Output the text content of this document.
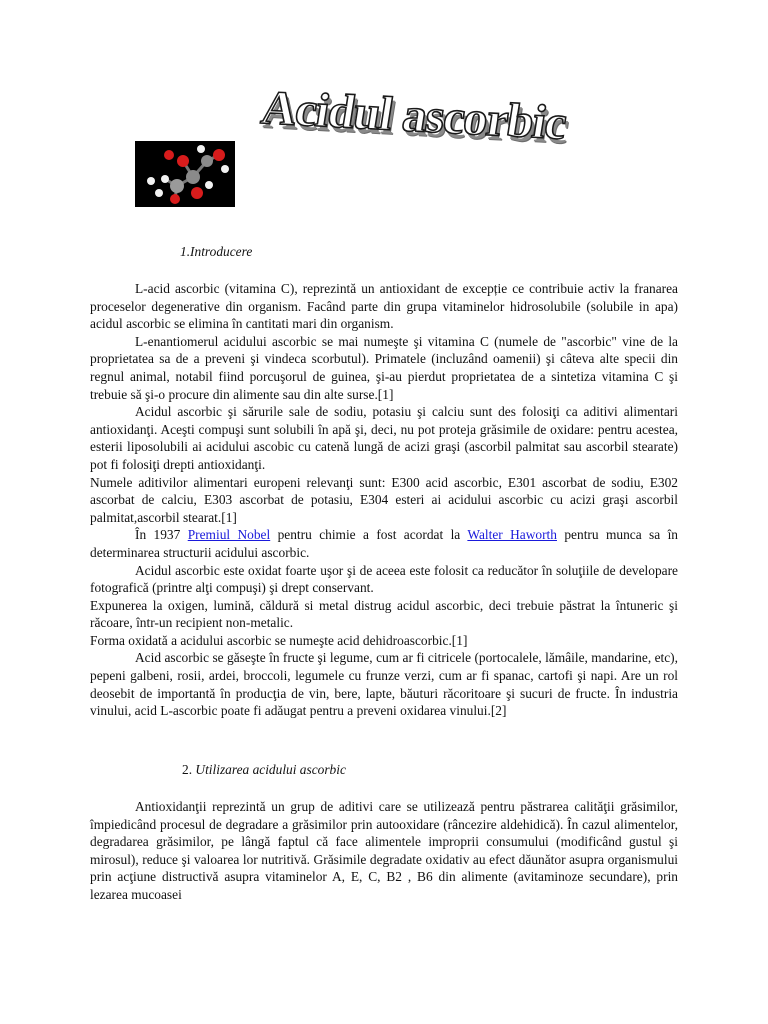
Acidul ascorbic
1.Introducere

L-acid ascorbic (vitamina C), reprezintă un antioxidant de excepție ce contribuie activ la franarea proceselor degenerative din organism. Facând parte din grupa vitaminelor hidrosolubile (solubile in apa) acidul ascorbic se elimina în cantitati mari din organism.

L-enantiomerul acidului ascorbic se mai numeşte şi vitamina C (numele de "ascorbic" vine de la proprietatea sa de a preveni şi vindeca scorbutul). Primatele (incluzând oamenii) şi câteva alte specii din regnul animal, notabil fiind porcuşorul de guinea, şi-au pierdut proprietatea de a sintetiza vitamina C şi trebuie să şi-o procure din alimente sau din alte surse.[1]

Acidul ascorbic şi sărurile sale de sodiu, potasiu şi calciu sunt des folosiţi ca aditivi alimentari antioxidanţi. Aceşti compuşi sunt solubili în apă şi, deci, nu pot proteja grăsimile de oxidare: pentru acestea, esterii liposolubili ai acidului ascobic cu catenă lungă de acizi graşi (ascorbil palmitat sau ascorbil stearate) pot fi folosiţi drepti antioxidanţi.

Numele aditivilor alimentari europeni relevanţi sunt: E300 acid ascorbic, E301 ascorbat de sodiu, E302 ascorbat de calciu, E303 ascorbat de potasiu, E304 esteri ai acidului ascorbic cu acizi graşi ascorbil palmitat,ascorbil stearat.[1]

În 1937 Premiul Nobel pentru chimie a fost acordat la Walter Haworth pentru munca sa în determinarea structurii acidului ascorbic.

Acidul ascorbic este oxidat foarte uşor şi de aceea este folosit ca reducător în soluţiile de developare fotografică (printre alţi compuşi) şi drept conservant.

Expunerea la oxigen, lumină, căldură si metal distrug acidul ascorbic, deci trebuie păstrat la întuneric şi răcoare, într-un recipient non-metalic.

Forma oxidată a acidului ascorbic se numeşte acid dehidroascorbic.[1]

Acid ascorbic se găseşte în fructe şi legume, cum ar fi citricele (portocalele, lămâile, mandarine, etc), pepeni galbeni, rosii, ardei, broccoli, legumele cu frunze verzi, cum ar fi spanac, cartofi şi napi. Are un rol deosebit de importantă în producţia de vin, bere, lapte, băuturi răcoritoare şi sucuri de fructe. În industria vinului, acid L-ascorbic poate fi adăugat pentru a preveni oxidarea vinului.[2]

2. Utilizarea acidului ascorbic

Antioxidanţii reprezintă un grup de aditivi care se utilizează pentru păstrarea calităţii grăsimilor, împiedicând procesul de degradare a grăsimilor prin autooxidare (râncezire aldehidică). În cazul alimentelor, degradarea grăsimilor, pe lângă faptul că face alimentele improprii consumului (modificând gustul şi mirosul), reduce şi valoarea lor nutritivă. Grăsimile degradate oxidativ au efect dăunător asupra organismului prin acţiune distructivă asupra vitaminelor A, E, C, B2 , B6 din alimente (avitaminoze secundare), prin lezarea mucoasei
